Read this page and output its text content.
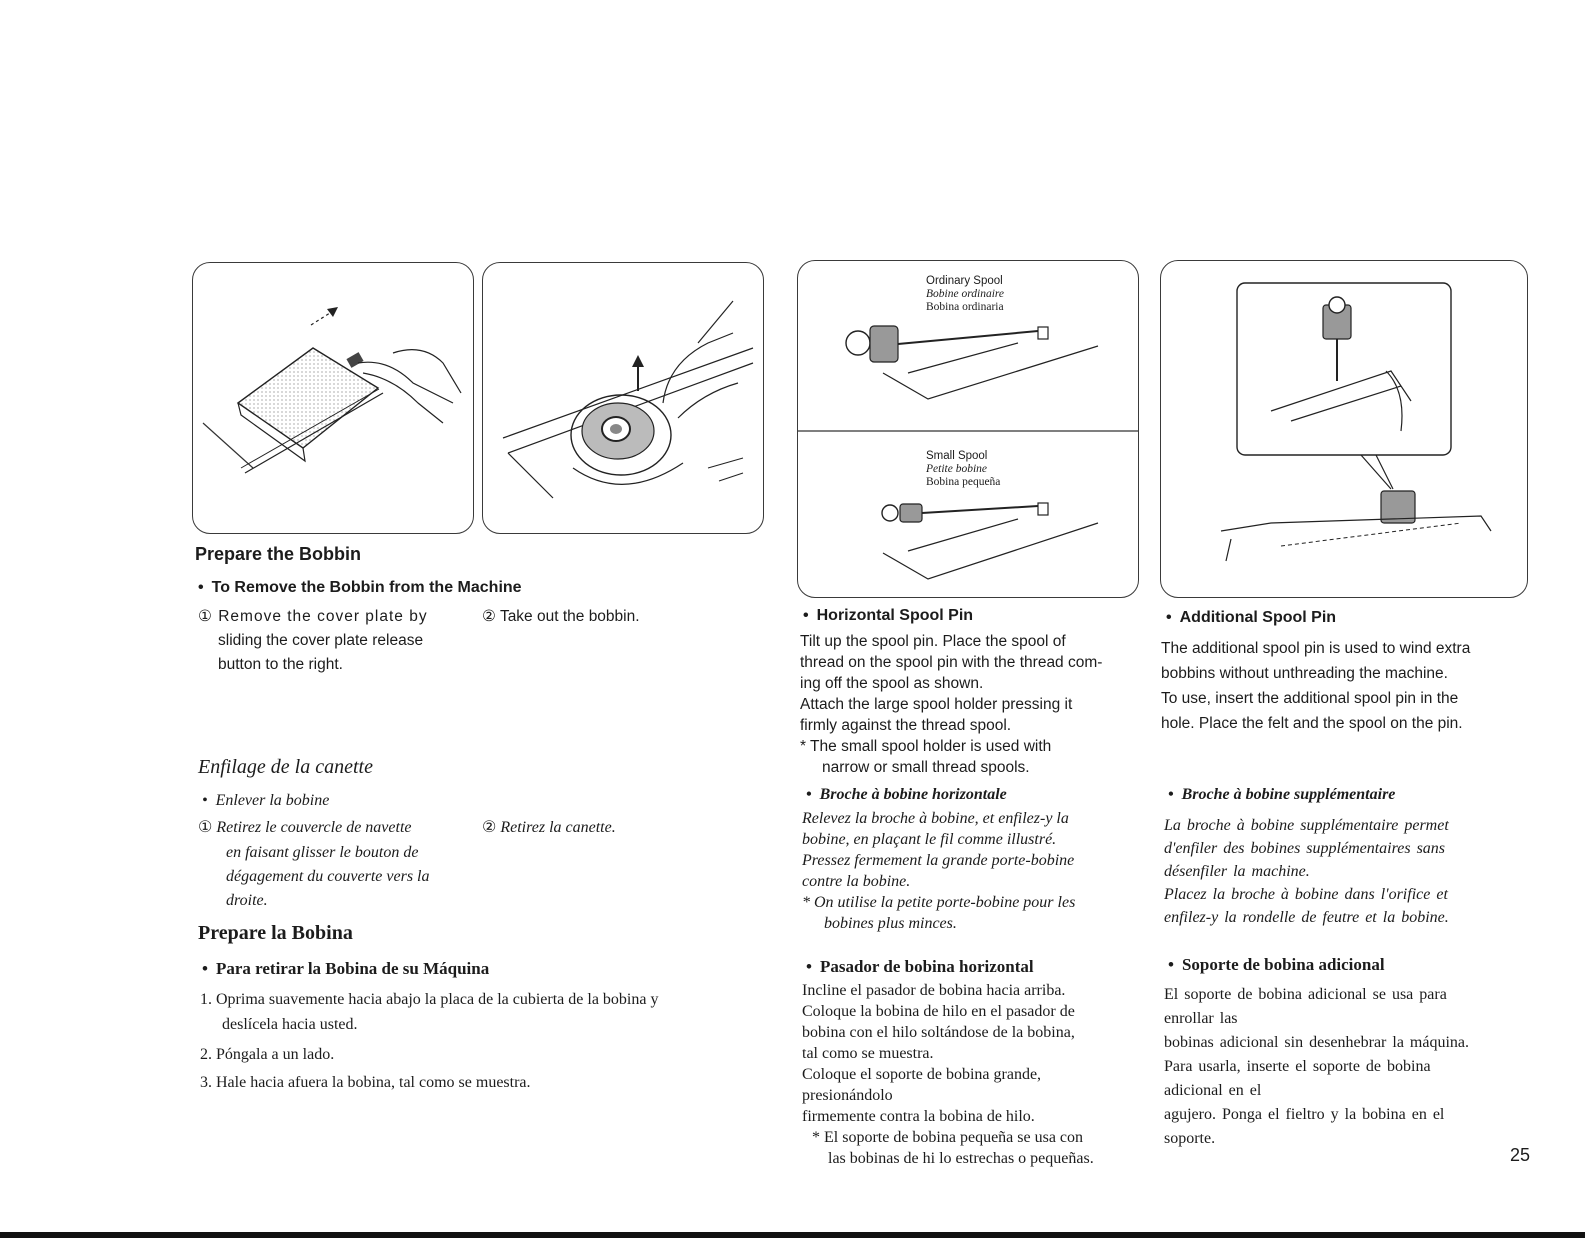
Ordinary Spool
Bobine ordinaire
Bobina ordinaria
Small Spool
Petite bobine
Bobina pequeña
Prepare the Bobbin
• To Remove the Bobbin from the Machine
① Remove the cover plate by
sliding the cover plate release
button to the right.
② Take out the bobbin.
Enfilage de la canette
• Enlever la bobine
① Retirez le couvercle de navette
en faisant glisser le bouton de
dégagement du couverte vers la
droite.
② Retirez la canette.
Prepare la Bobina
• Para retirar la Bobina de su Máquina
1. Oprima suavemente hacia abajo la placa de la cubierta de la bobina y
deslícela hacia usted.
2. Póngala a un lado.
3. Hale hacia afuera la bobina, tal como se muestra.
• Horizontal Spool Pin
Tilt up the spool pin. Place the spool of
thread on the spool pin with the thread com-
ing off the spool as shown.
Attach the large spool holder pressing it
firmly against the thread spool.
* The small spool holder is used with
narrow or small thread spools.
• Broche à bobine horizontale
Relevez la broche à bobine, et enfilez-y la
bobine, en plaçant le fil comme illustré.
Pressez fermement la grande porte-bobine
contre la bobine.
* On utilise la petite porte-bobine pour les
bobines plus minces.
• Pasador de bobina horizontal
Incline el pasador de bobina hacia arriba.
Coloque la bobina de hilo en el pasador de
bobina con el hilo soltándose de la bobina,
tal como se muestra.
Coloque el soporte de bobina grande,
presionándolo
firmemente contra la bobina de hilo.
* El soporte de bobina pequeña se usa con
las bobinas de hi lo estrechas o pequeñas.
• Additional Spool Pin
The additional spool pin is used to wind extra
bobbins without unthreading the machine.
To use, insert the additional spool pin in the
hole. Place the felt and the spool on the pin.
• Broche à bobine supplémentaire
La broche à bobine supplémentaire permet
d'enfiler des bobines supplémentaires sans
désenfiler la machine.
Placez la broche à bobine dans l'orifice et
enfilez-y la rondelle de feutre et la bobine.
• Soporte de bobina adicional
El soporte de bobina adicional se usa para
enrollar las
bobinas adicional sin desenhebrar la máquina.
Para usarla, inserte el soporte de bobina
adicional en el
agujero. Ponga el fieltro y la bobina en el
soporte.
25
